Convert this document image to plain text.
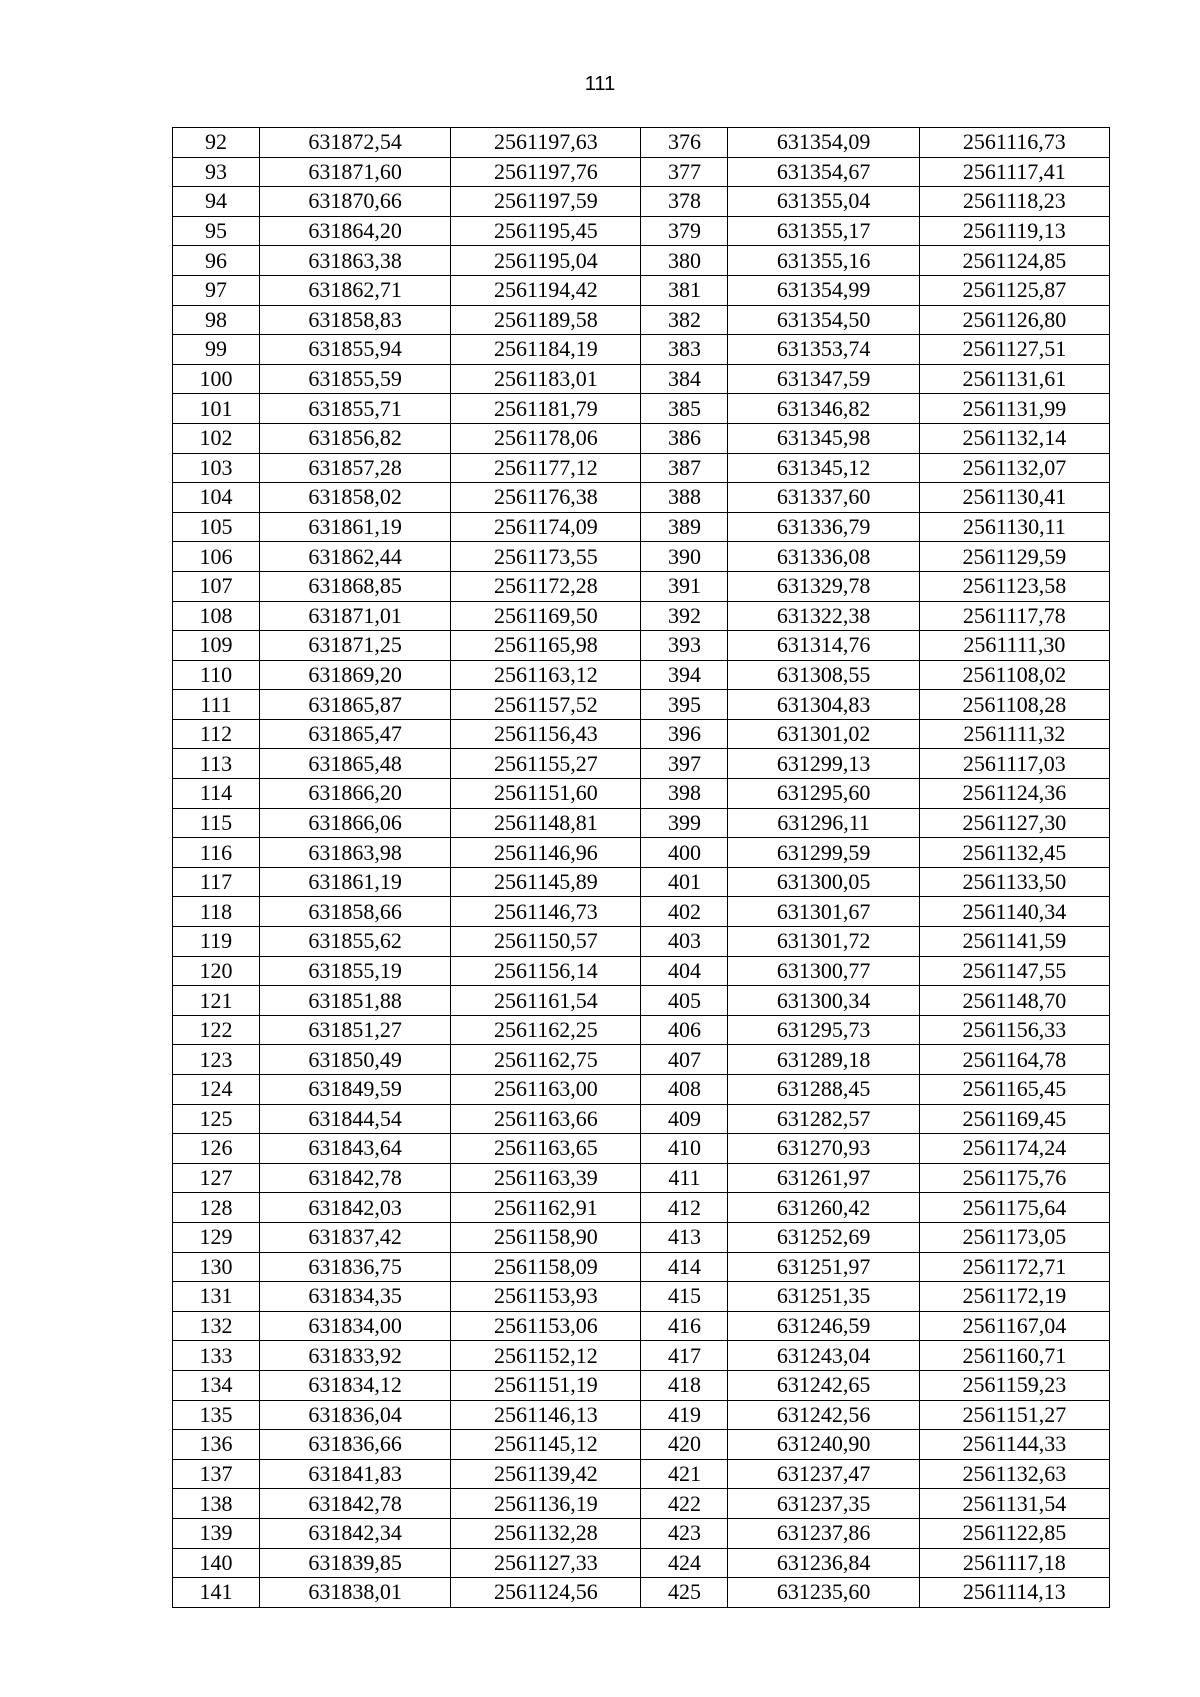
111
92	631872,54	2561197,63	376	631354,09	2561116,73
93	631871,60	2561197,76	377	631354,67	2561117,41
94	631870,66	2561197,59	378	631355,04	2561118,23
95	631864,20	2561195,45	379	631355,17	2561119,13
96	631863,38	2561195,04	380	631355,16	2561124,85
97	631862,71	2561194,42	381	631354,99	2561125,87
98	631858,83	2561189,58	382	631354,50	2561126,80
99	631855,94	2561184,19	383	631353,74	2561127,51
100	631855,59	2561183,01	384	631347,59	2561131,61
101	631855,71	2561181,79	385	631346,82	2561131,99
102	631856,82	2561178,06	386	631345,98	2561132,14
103	631857,28	2561177,12	387	631345,12	2561132,07
104	631858,02	2561176,38	388	631337,60	2561130,41
105	631861,19	2561174,09	389	631336,79	2561130,11
106	631862,44	2561173,55	390	631336,08	2561129,59
107	631868,85	2561172,28	391	631329,78	2561123,58
108	631871,01	2561169,50	392	631322,38	2561117,78
109	631871,25	2561165,98	393	631314,76	2561111,30
110	631869,20	2561163,12	394	631308,55	2561108,02
111	631865,87	2561157,52	395	631304,83	2561108,28
112	631865,47	2561156,43	396	631301,02	2561111,32
113	631865,48	2561155,27	397	631299,13	2561117,03
114	631866,20	2561151,60	398	631295,60	2561124,36
115	631866,06	2561148,81	399	631296,11	2561127,30
116	631863,98	2561146,96	400	631299,59	2561132,45
117	631861,19	2561145,89	401	631300,05	2561133,50
118	631858,66	2561146,73	402	631301,67	2561140,34
119	631855,62	2561150,57	403	631301,72	2561141,59
120	631855,19	2561156,14	404	631300,77	2561147,55
121	631851,88	2561161,54	405	631300,34	2561148,70
122	631851,27	2561162,25	406	631295,73	2561156,33
123	631850,49	2561162,75	407	631289,18	2561164,78
124	631849,59	2561163,00	408	631288,45	2561165,45
125	631844,54	2561163,66	409	631282,57	2561169,45
126	631843,64	2561163,65	410	631270,93	2561174,24
127	631842,78	2561163,39	411	631261,97	2561175,76
128	631842,03	2561162,91	412	631260,42	2561175,64
129	631837,42	2561158,90	413	631252,69	2561173,05
130	631836,75	2561158,09	414	631251,97	2561172,71
131	631834,35	2561153,93	415	631251,35	2561172,19
132	631834,00	2561153,06	416	631246,59	2561167,04
133	631833,92	2561152,12	417	631243,04	2561160,71
134	631834,12	2561151,19	418	631242,65	2561159,23
135	631836,04	2561146,13	419	631242,56	2561151,27
136	631836,66	2561145,12	420	631240,90	2561144,33
137	631841,83	2561139,42	421	631237,47	2561132,63
138	631842,78	2561136,19	422	631237,35	2561131,54
139	631842,34	2561132,28	423	631237,86	2561122,85
140	631839,85	2561127,33	424	631236,84	2561117,18
141	631838,01	2561124,56	425	631235,60	2561114,13
